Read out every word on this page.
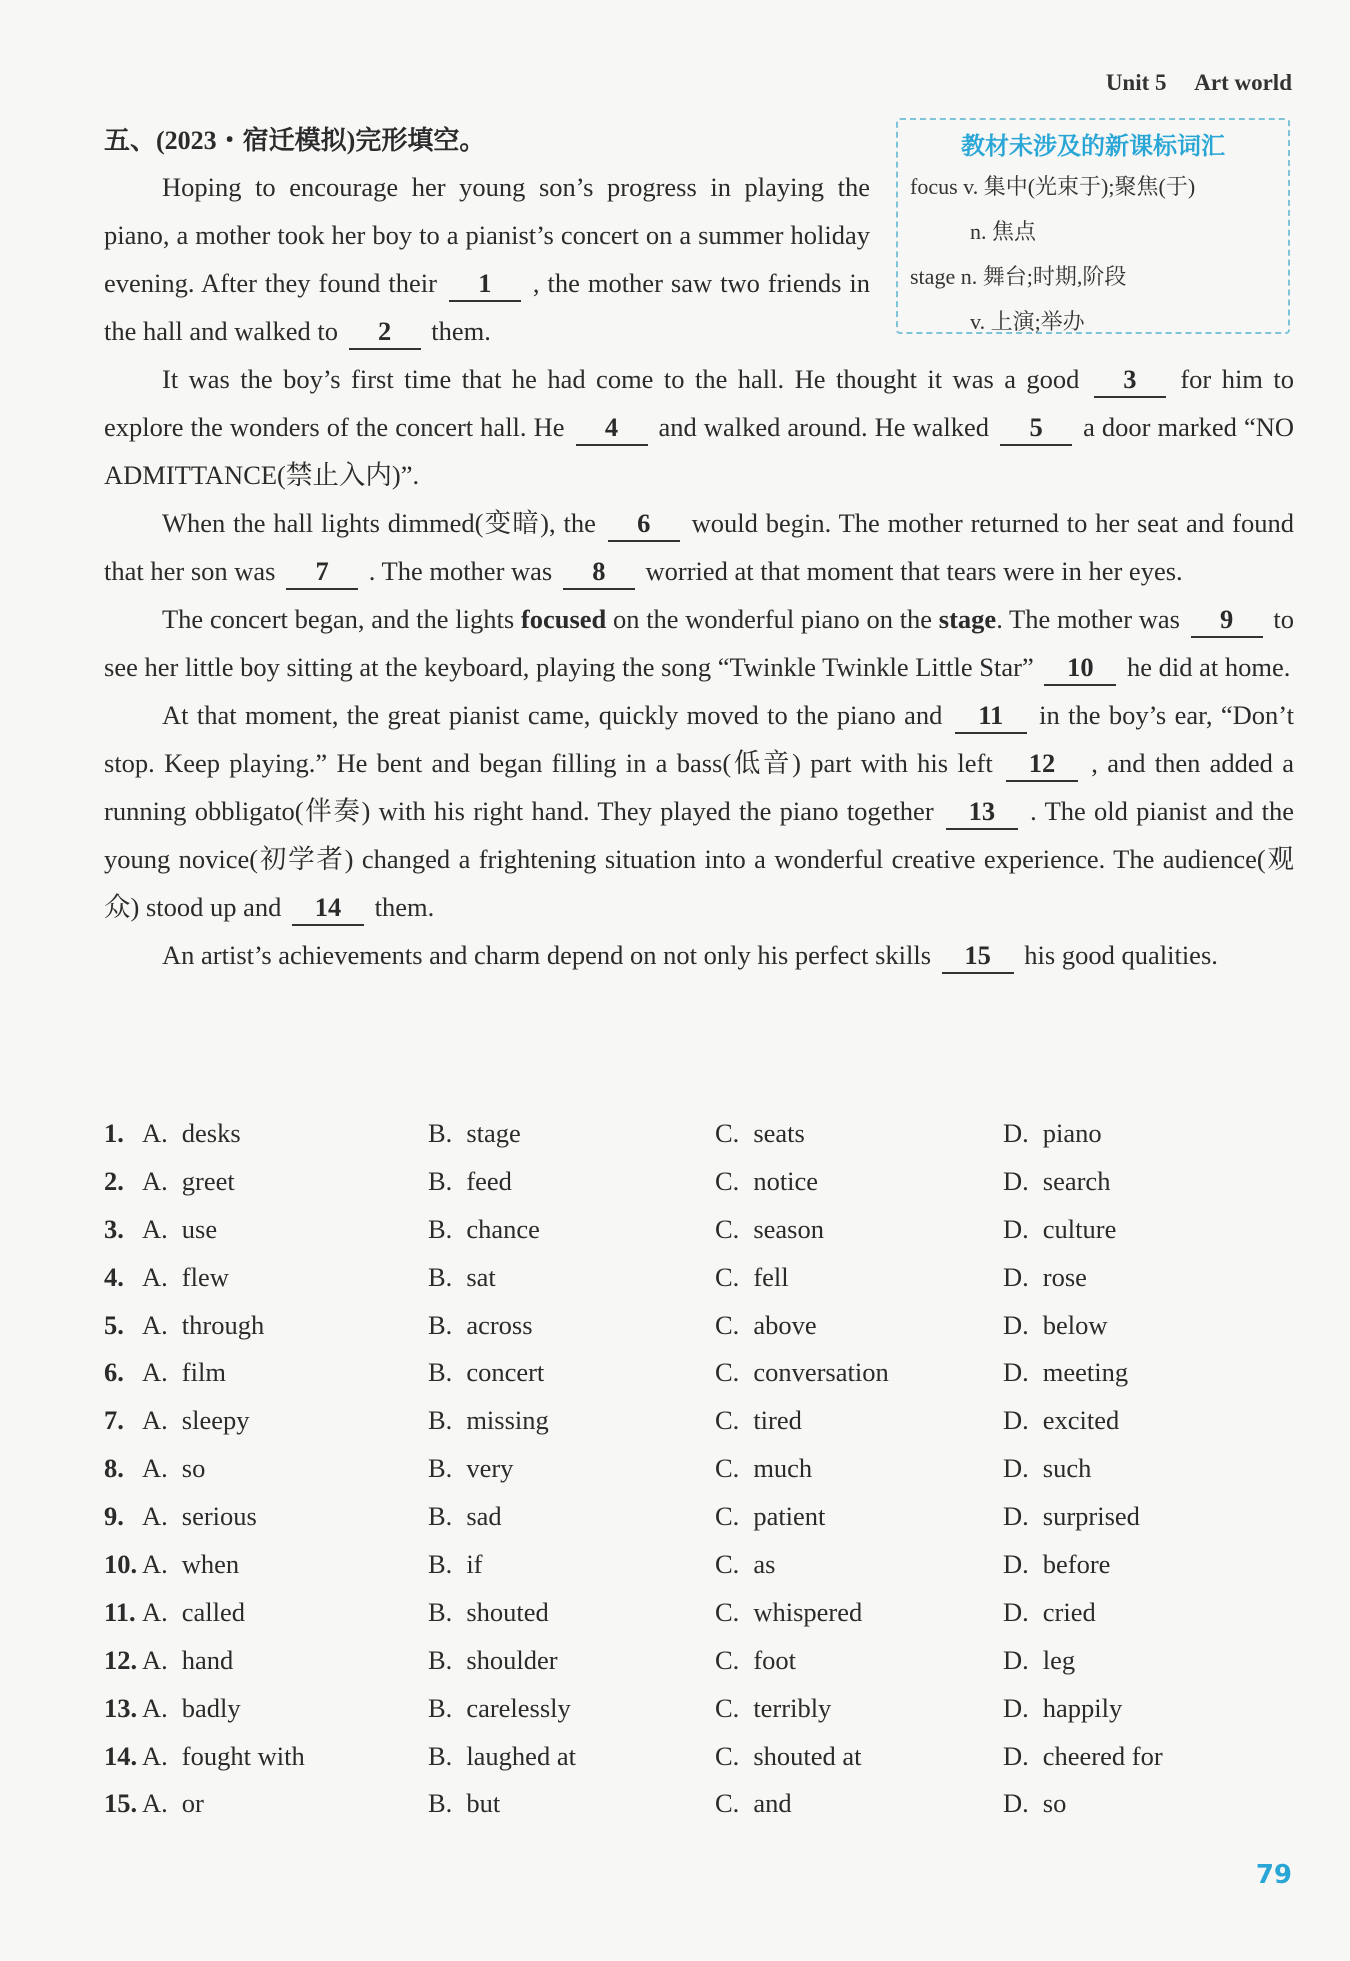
Unit 5 Art world
五、(2023・宿迁模拟)完形填空。	教材未涉及的新课标词汇
focus v. 集中(光束于);聚焦(于)
n. 焦点
stage n. 舞台;时期,阶段
v. 上演;举办

Hoping to encourage her young son’s progress in playing the piano, a mother took her boy to a pianist’s concert on a summer holiday evening. After they found their 1 , the mother saw two friends in the hall and walked to 2 them.

It was the boy’s first time that he had come to the hall. He thought it was a good 3 for him to explore the wonders of the concert hall. He 4 and walked around. He walked 5 a door marked “NO ADMITTANCE(禁止入内)”.

When the hall lights dimmed(变暗), the 6 would begin. The mother returned to her seat and found that her son was 7 . The mother was 8 worried at that moment that tears were in her eyes.

The concert began, and the lights focused on the wonderful piano on the stage. The mother was 9 to see her little boy sitting at the keyboard, playing the song “Twinkle Twinkle Little Star” 10 he did at home.

At that moment, the great pianist came, quickly moved to the piano and 11 in the boy’s ear, “Don’t stop. Keep playing.” He bent and began filling in a bass(低音) part with his left 12 , and then added a running obbligato(伴奏) with his right hand. They played the piano together 13 . The old pianist and the young novice(初学者) changed a frightening situation into a wonderful creative experience. The audience(观众) stood up and 14 them.

An artist’s achievements and charm depend on not only his perfect skills 15 his good qualities.

1. A. desks	B. stage	C. seats	D. piano
2. A. greet	B. feed	C. notice	D. search
3. A. use	B. chance	C. season	D. culture
4. A. flew	B. sat	C. fell	D. rose
5. A. through	B. across	C. above	D. below
6. A. film	B. concert	C. conversation	D. meeting
7. A. sleepy	B. missing	C. tired	D. excited
8. A. so	B. very	C. much	D. such
9. A. serious	B. sad	C. patient	D. surprised
10. A. when	B. if	C. as	D. before
11. A. called	B. shouted	C. whispered	D. cried
12. A. hand	B. shoulder	C. foot	D. leg
13. A. badly	B. carelessly	C. terribly	D. happily
14. A. fought with	B. laughed at	C. shouted at	D. cheered for
15. A. or	B. but	C. and	D. so
79
